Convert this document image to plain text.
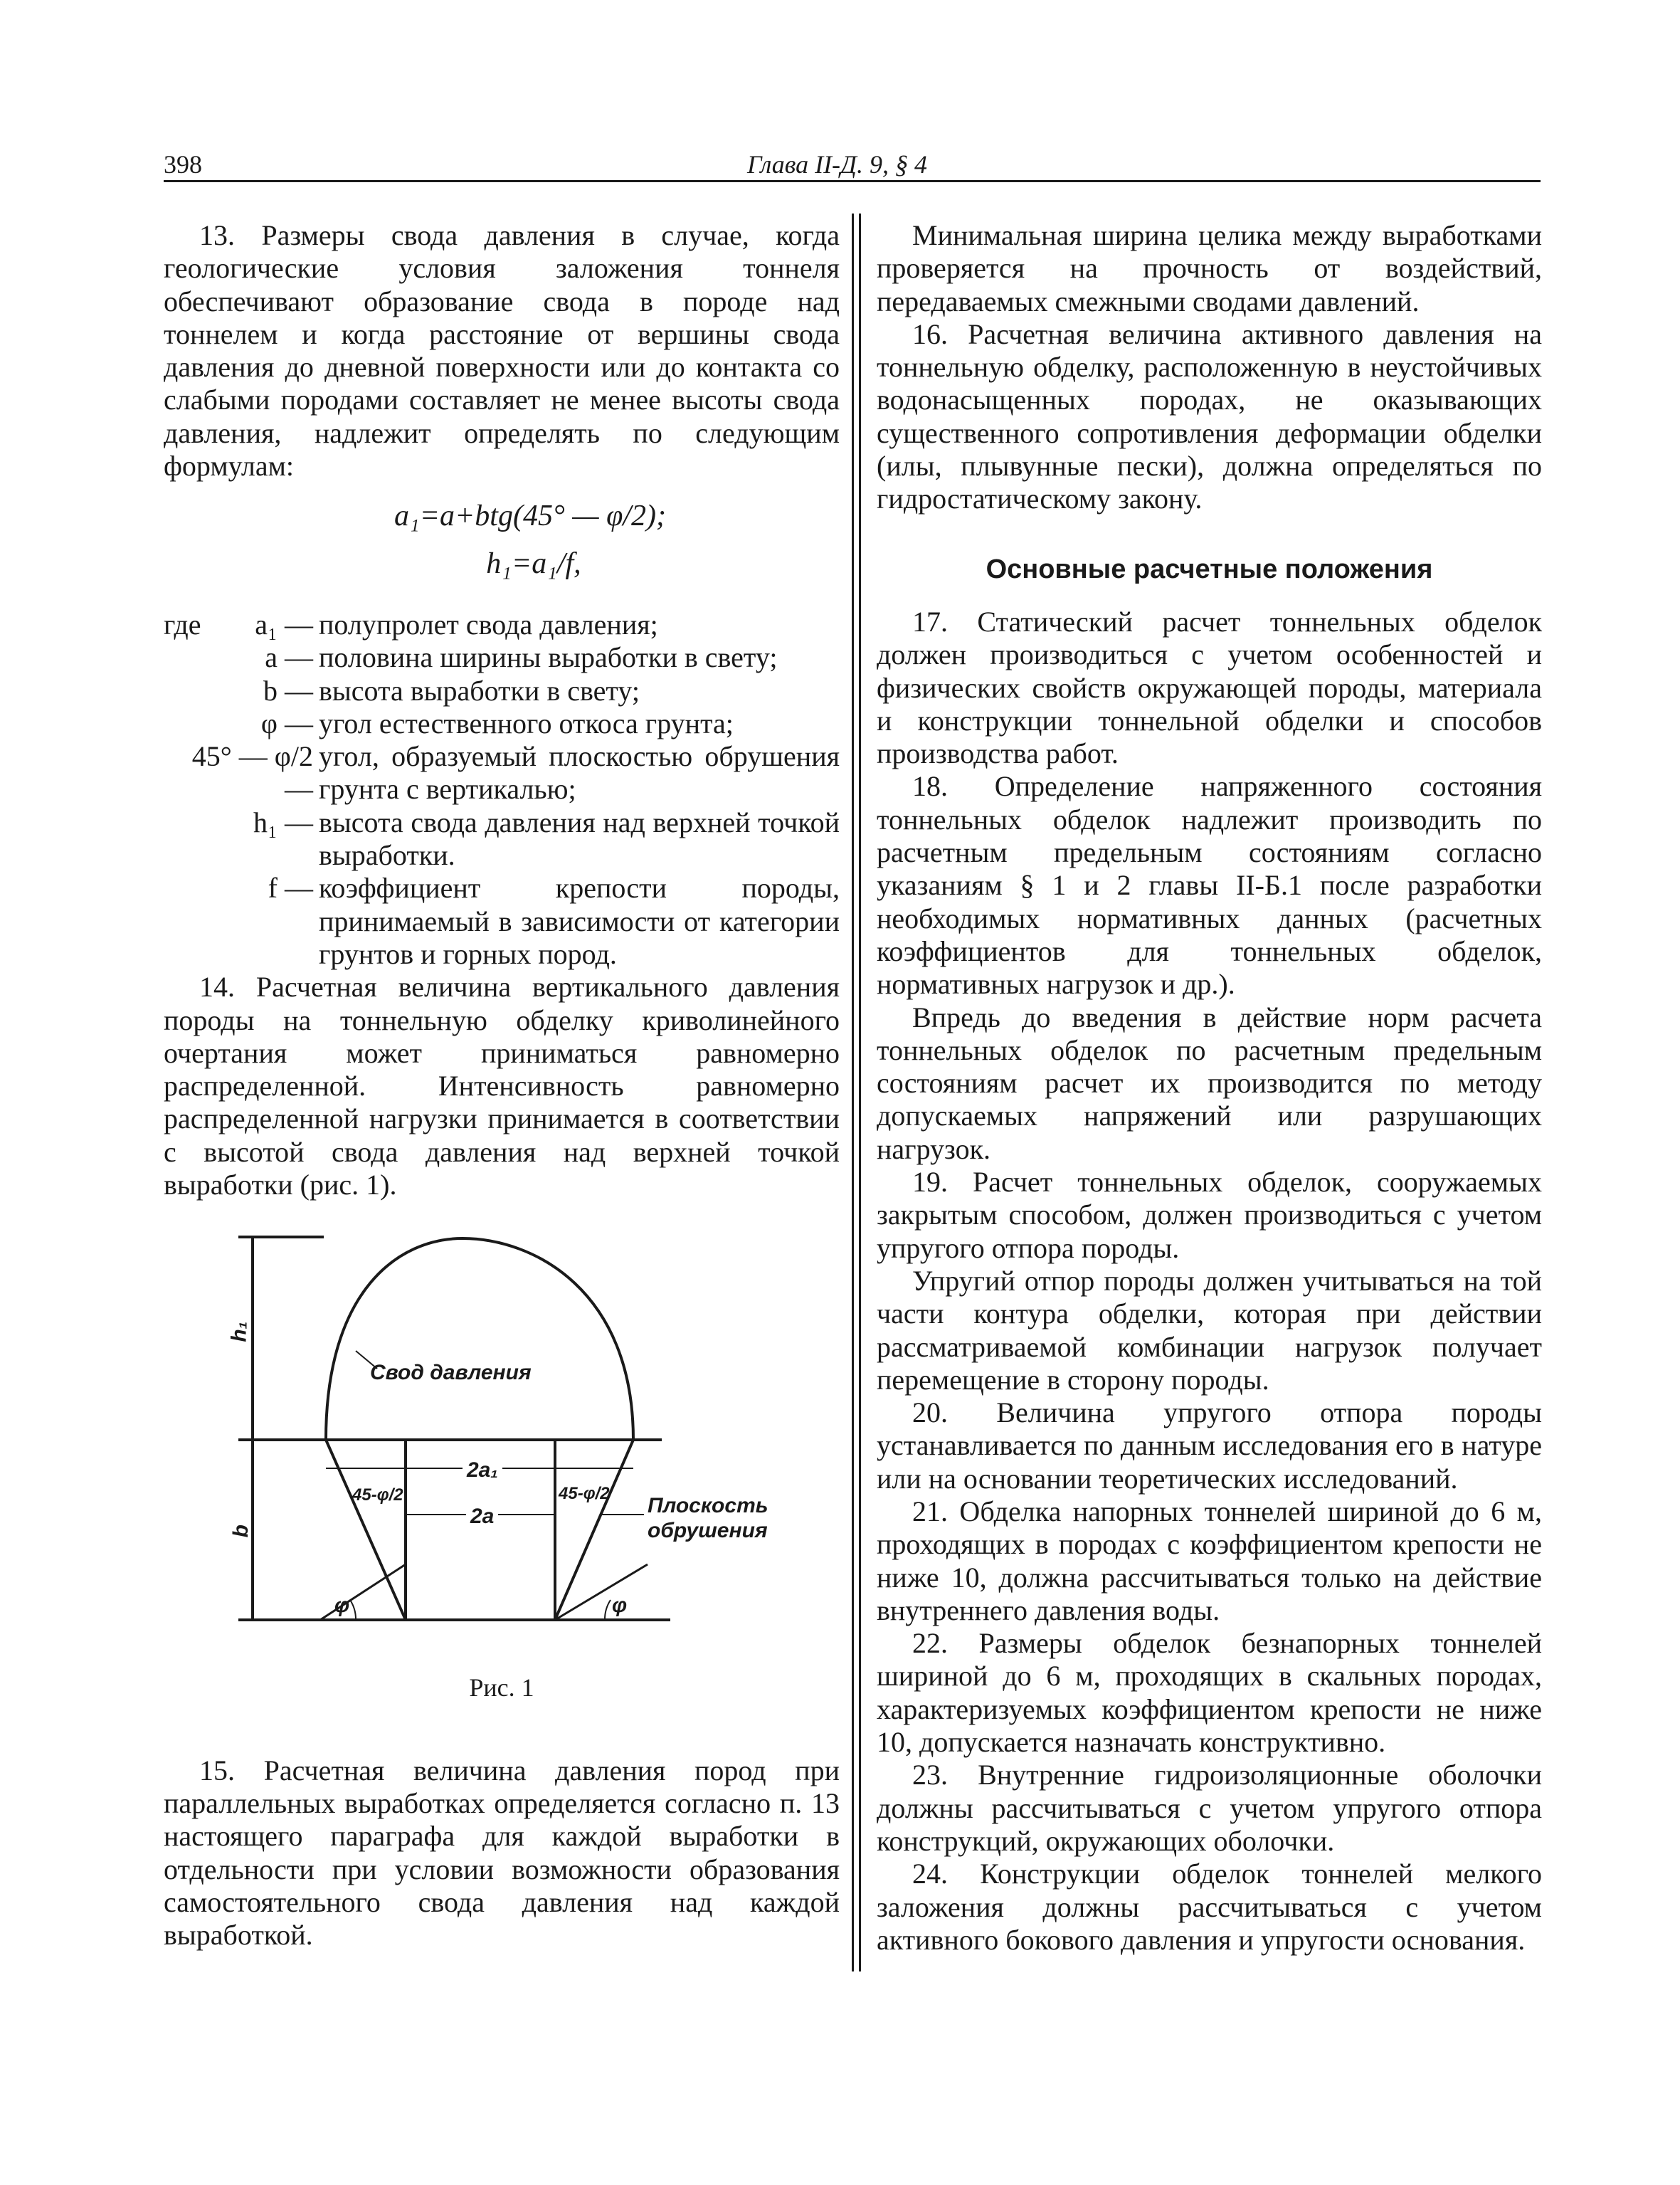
398	Глава II-Д. 9, § 4

13. Размеры свода давления в случае, когда геологические условия заложения тоннеля обеспечивают образование свода в породе над тоннелем и когда расстояние от вершины свода давления до дневной поверхности или до контакта со слабыми породами составляет не менее высоты свода давления, надлежит определять по следующим формулам:

a₁=a+btg(45° — φ/2);

h₁=a₁/f,

где	a₁ — полупролет свода давления;
a — половина ширины выработки в свету;
b — высота выработки в свету;
φ — угол естественного откоса грунта;
45° — φ/2 —
угол, образуемый плоскостью обрушения грунта с вертикалью;
h₁ — высота свода давления над верхней точкой выработки.
f — коэффициент крепости породы, принимаемый в зависимости от категории грунтов и горных пород.

14. Расчетная величина вертикального давления породы на тоннельную обделку криволинейного очертания может приниматься равномерно распределенной. Интенсивность равномерно распределенной нагрузки принимается в соответствии с высотой свода давления над верхней точкой выработки (рис. 1).

Свод давления
h₁
b
2a₁
2a
45-φ/2	45-φ/2
Плоскость
обрушения
φ	φ

Рис. 1

15. Расчетная величина давления пород при параллельных выработках определяется согласно п. 13 настоящего параграфа для каждой выработки в отдельности при условии возможности образования самостоятельного свода давления над каждой выработкой.

Минимальная ширина целика между выработками проверяется на прочность от воздействий, передаваемых смежными сводами давлений.

16. Расчетная величина активного давления на тоннельную обделку, расположенную в неустойчивых водонасыщенных породах, не оказывающих существенного сопротивления деформации обделки (илы, плывунные пески), должна определяться по гидростатическому закону.

Основные расчетные положения

17. Статический расчет тоннельных обделок должен производиться с учетом особенностей и физических свойств окружающей породы, материала и конструкции тоннельной обделки и способов производства работ.

18. Определение напряженного состояния тоннельных обделок надлежит производить по расчетным предельным состояниям согласно указаниям § 1 и 2 главы II-Б.1 после разработки необходимых нормативных данных (расчетных коэффициентов для тоннельных обделок, нормативных нагрузок и др.).

Впредь до введения в действие норм расчета тоннельных обделок по расчетным предельным состояниям расчет их производится по методу допускаемых напряжений или разрушающих нагрузок.

19. Расчет тоннельных обделок, сооружаемых закрытым способом, должен производиться с учетом упругого отпора породы.

Упругий отпор породы должен учитываться на той части контура обделки, которая при действии рассматриваемой комбинации нагрузок получает перемещение в сторону породы.

20. Величина упругого отпора породы устанавливается по данным исследования его в натуре или на основании теоретических исследований.

21. Обделка напорных тоннелей шириной до 6 м, проходящих в породах с коэффициентом крепости не ниже 10, должна рассчитываться только на действие внутреннего давления воды.

22. Размеры обделок безнапорных тоннелей шириной до 6 м, проходящих в скальных породах, характеризуемых коэффициентом крепости не ниже 10, допускается назначать конструктивно.

23. Внутренние гидроизоляционные оболочки должны рассчитываться с учетом упругого отпора конструкций, окружающих оболочки.

24. Конструкции обделок тоннелей мелкого заложения должны рассчитываться с учетом активного бокового давления и упругости основания.
